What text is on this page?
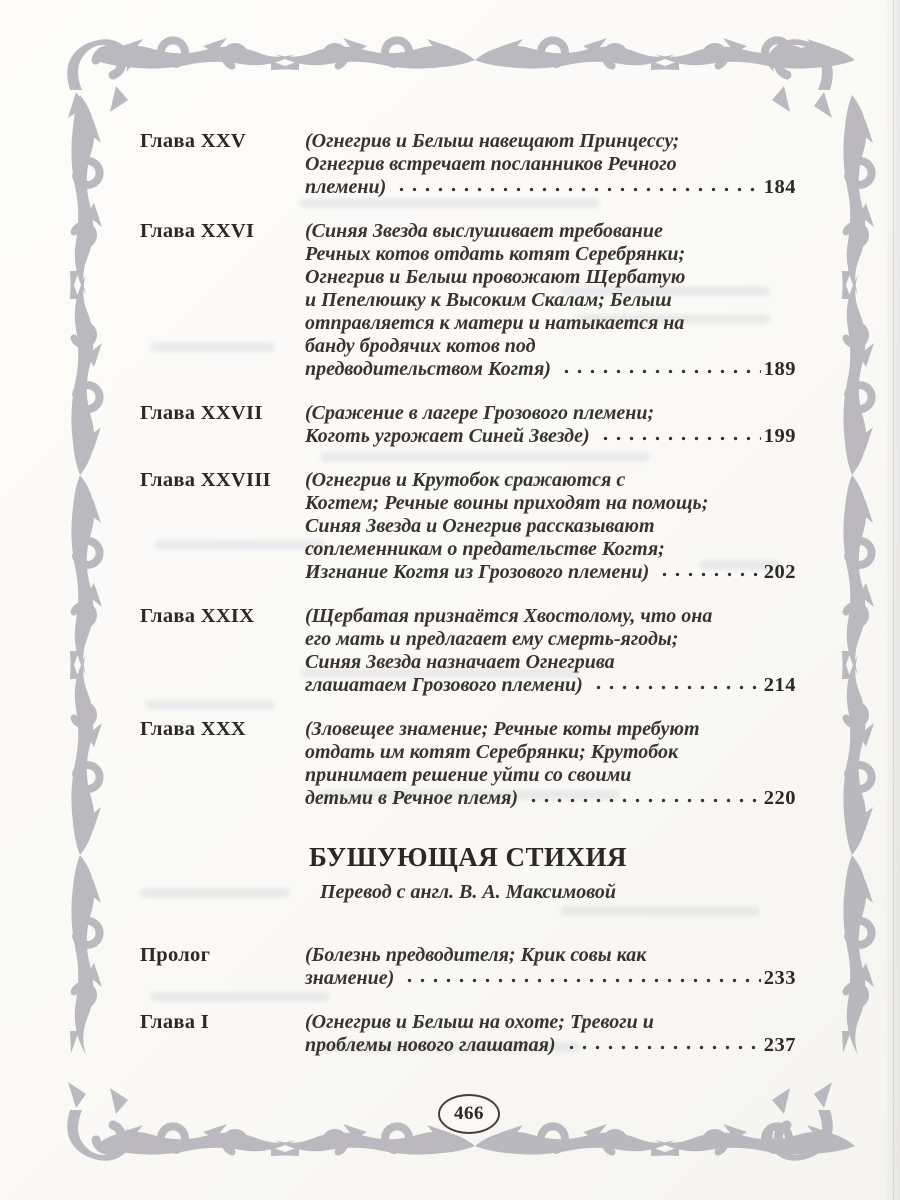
Глава XXV	(Огнегрив и Белыш навещают Принцессу;
Огнегрив встречает посланников Речного
племени)	184
Глава XXVI	(Синяя Звезда выслушивает требование
Речных котов отдать котят Серебрянки;
Огнегрив и Белыш провожают Щербатую
и Пепелюшку к Высоким Скалам; Белыш
отправляется к матери и натыкается на
банду бродячих котов под
предводительством Когтя)	189
Глава XXVII	(Сражение в лагере Грозового племени;
Коготь угрожает Синей Звезде)	199
Глава XXVIII	(Огнегрив и Крутобок сражаются с
Когтем; Речные воины приходят на помощь;
Синяя Звезда и Огнегрив рассказывают
соплеменникам о предательстве Когтя;
Изгнание Когтя из Грозового племени)	202
Глава XXIX	(Щербатая признаётся Хвостолому, что она
его мать и предлагает ему смерть-ягоды;
Синяя Звезда назначает Огнегрива
глашатаем Грозового племени)	214
Глава XXX	(Зловещее знамение; Речные коты требуют
отдать им котят Серебрянки; Крутобок
принимает решение уйти со своими
детьми в Речное племя)	220
БУШУЮЩАЯ СТИХИЯ
Перевод с англ. В. А. Максимовой
Пролог	(Болезнь предводителя; Крик совы как
знамение)	233
Глава I	(Огнегрив и Белыш на охоте; Тревоги и
проблемы нового глашатая)	237
466
